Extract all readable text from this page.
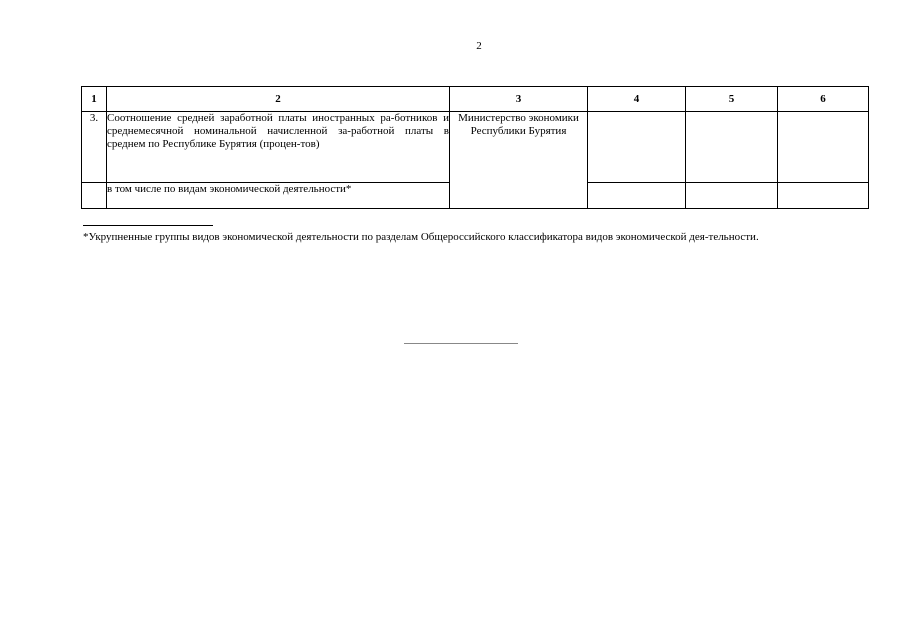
2
1	2	3	4	5	6
3.	Соотношение средней заработной платы иностранных ра-ботников и среднемесячной номинальной начисленной за-работной платы в среднем по Республике Бурятия (процен-тов)	Министерство экономики Республики Бурятия			
	в том числе по видам экономической деятельности*				
*Укрупненные группы видов экономической деятельности по разделам Общероссийского классификатора видов экономической дея-тельности.
